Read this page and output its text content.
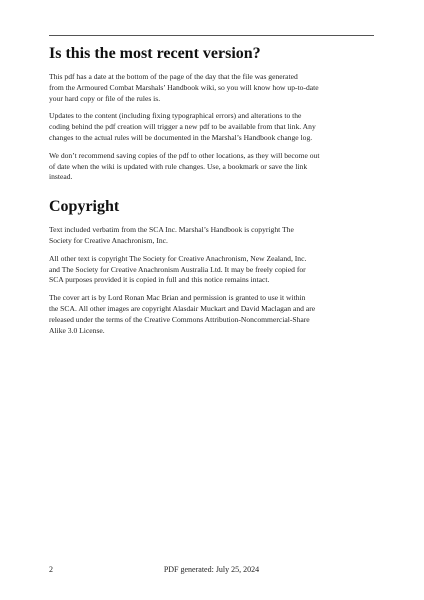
Is this the most recent version?

This pdf has a date at the bottom of the page of the day that the file was generated
from the Armoured Combat Marshals’ Handbook wiki, so you will know how up-to-date
your hard copy or file of the rules is.

Updates to the content (including fixing typographical errors) and alterations to the
coding behind the pdf creation will trigger a new pdf to be available from that link. Any
changes to the actual rules will be documented in the Marshal’s Handbook change log.

We don’t recommend saving copies of the pdf to other locations, as they will become out
of date when the wiki is updated with rule changes. Use, a bookmark or save the link
instead.

Copyright

Text included verbatim from the SCA Inc. Marshal’s Handbook is copyright The
Society for Creative Anachronism, Inc.

All other text is copyright The Society for Creative Anachronism, New Zealand, Inc.
and The Society for Creative Anachronism Australia Ltd. It may be freely copied for
SCA purposes provided it is copied in full and this notice remains intact.

The cover art is by Lord Ronan Mac Brian and permission is granted to use it within
the SCA. All other images are copyright Alasdair Muckart and David Maclagan and are
released under the terms of the Creative Commons Attribution-Noncommercial-Share
Alike 3.0 License.

2	PDF generated: July 25, 2024
